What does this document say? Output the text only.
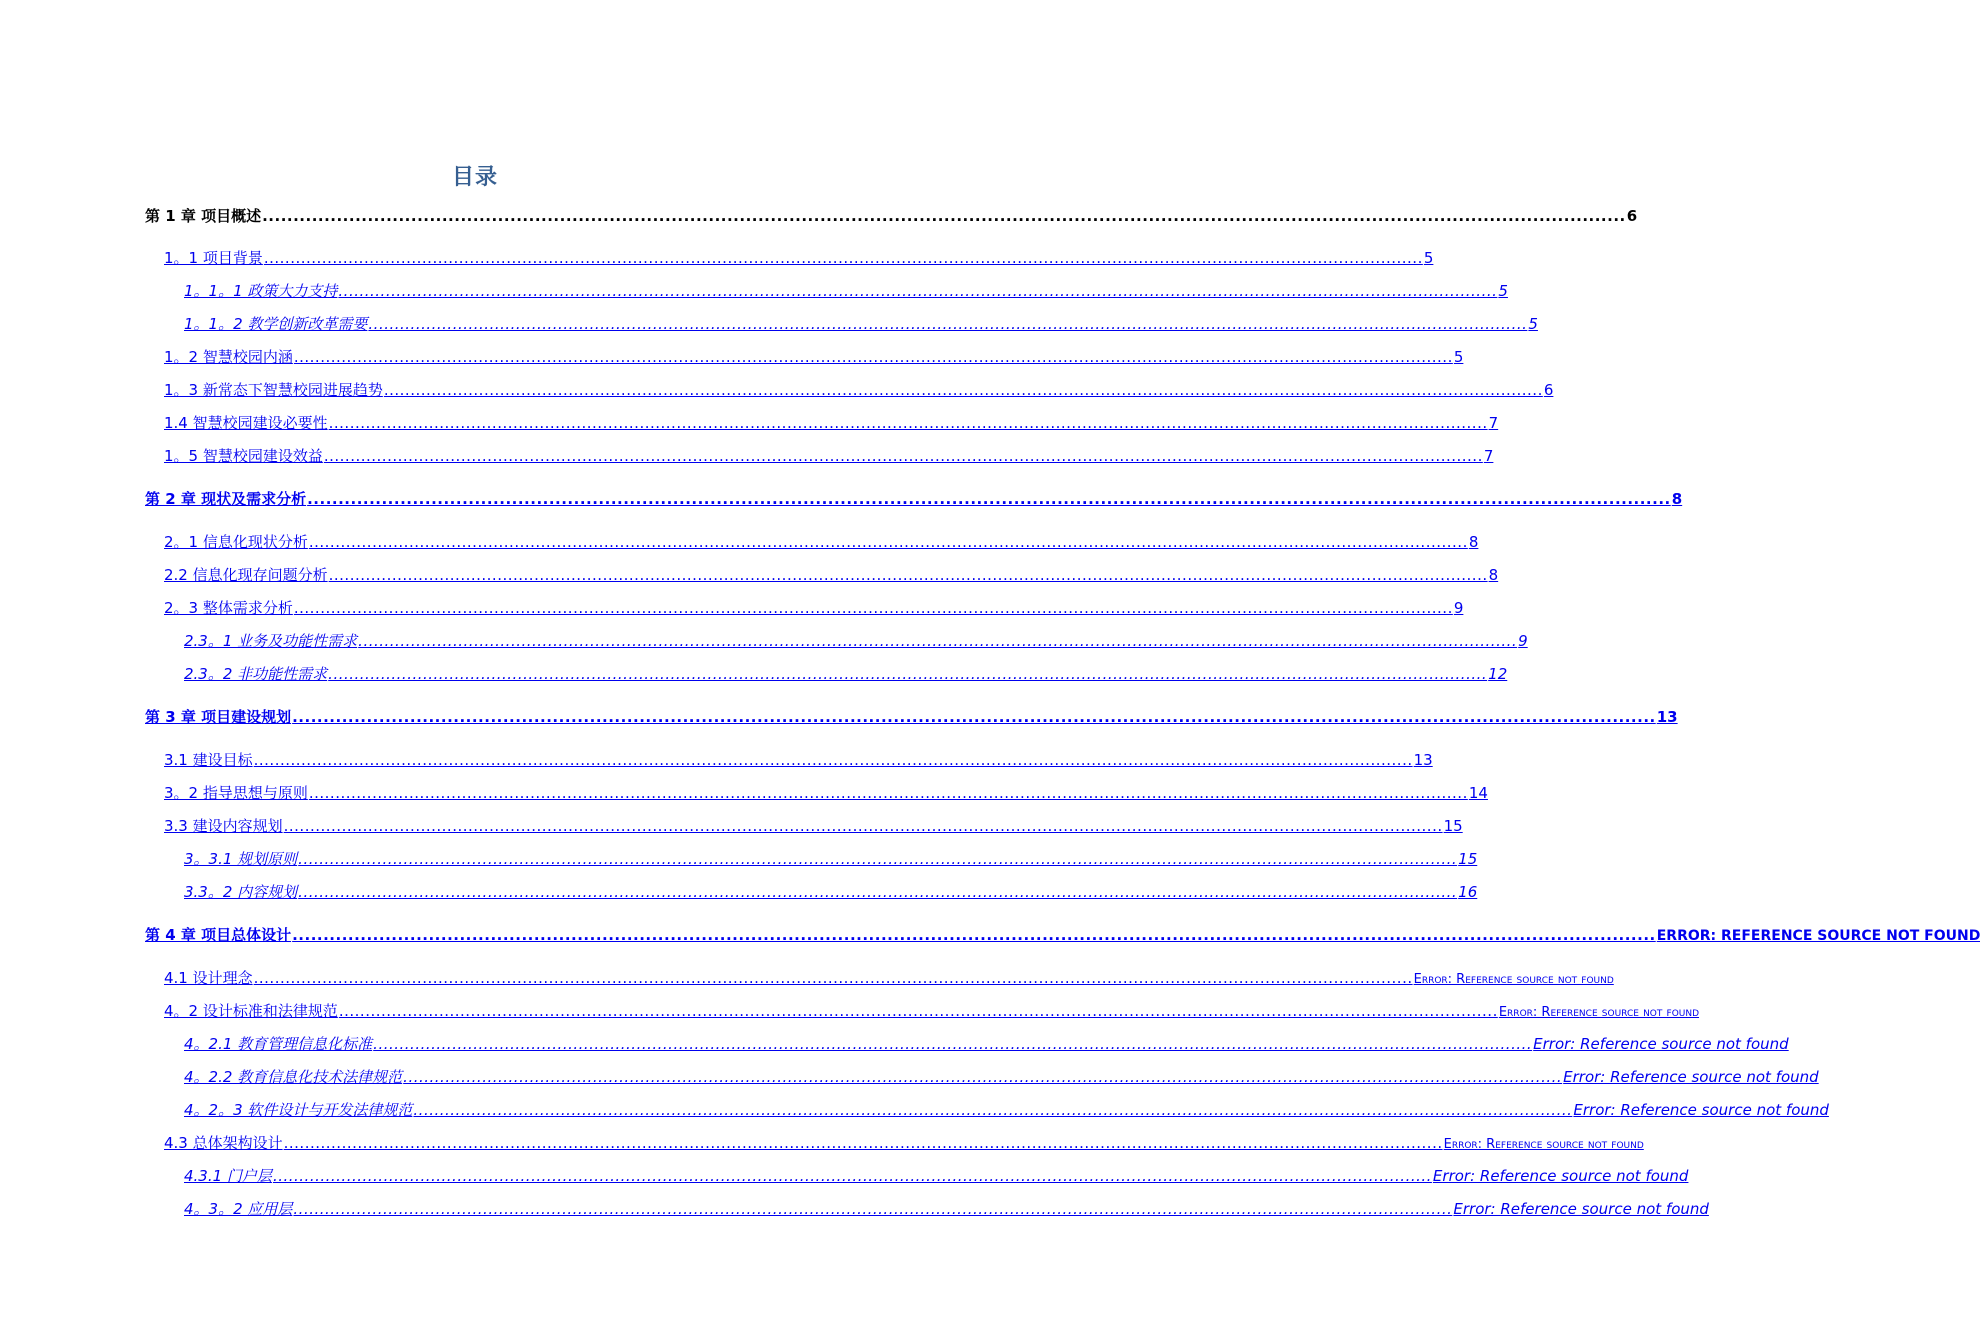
目录
第 1 章 项目概述 ............................................................................................................................................................................................................................ 6
1。1 项目背景 ............................................................................................................................................................................................................................ 5
1。1。1 政策大力支持 ............................................................................................................................................................................................................................ 5
1。1。2 教学创新改革需要 ............................................................................................................................................................................................................................ 5
1。2 智慧校园内涵 ............................................................................................................................................................................................................................ 5
1。3 新常态下智慧校园进展趋势 ............................................................................................................................................................................................................................ 6
1.4 智慧校园建设必要性 ............................................................................................................................................................................................................................ 7
1。5 智慧校园建设效益 ............................................................................................................................................................................................................................ 7
第 2 章 现状及需求分析 ............................................................................................................................................................................................................................ 8
2。1 信息化现状分析 ............................................................................................................................................................................................................................ 8
2.2 信息化现存问题分析 ............................................................................................................................................................................................................................ 8
2。3 整体需求分析 ............................................................................................................................................................................................................................ 9
2.3。1 业务及功能性需求 ............................................................................................................................................................................................................................ 9
2.3。2 非功能性需求 ............................................................................................................................................................................................................................ 12
第 3 章 项目建设规划 ............................................................................................................................................................................................................................ 13
3.1 建设目标 ............................................................................................................................................................................................................................ 13
3。2 指导思想与原则 ............................................................................................................................................................................................................................ 14
3.3 建设内容规划 ............................................................................................................................................................................................................................ 15
3。3.1 规划原则 ............................................................................................................................................................................................................................ 15
3.3。2 内容规划 ............................................................................................................................................................................................................................ 16
第 4 章 项目总体设计 ............................................................................................................................................................................................................................ ERROR: REFERENCE SOURCE NOT FOUND
4.1 设计理念 ............................................................................................................................................................................................................................ Error: Reference source not found
4。2 设计标准和法律规范 ............................................................................................................................................................................................................................ Error: Reference source not found
4。2.1 教育管理信息化标准 ............................................................................................................................................................................................................................ Error: Reference source not found
4。2.2 教育信息化技术法律规范 ............................................................................................................................................................................................................................ Error: Reference source not found
4。2。3 软件设计与开发法律规范 ............................................................................................................................................................................................................................ Error: Reference source not found
4.3 总体架构设计 ............................................................................................................................................................................................................................ Error: Reference source not found
4.3.1 门户层 ............................................................................................................................................................................................................................ Error: Reference source not found
4。3。2 应用层 ............................................................................................................................................................................................................................ Error: Reference source not found
